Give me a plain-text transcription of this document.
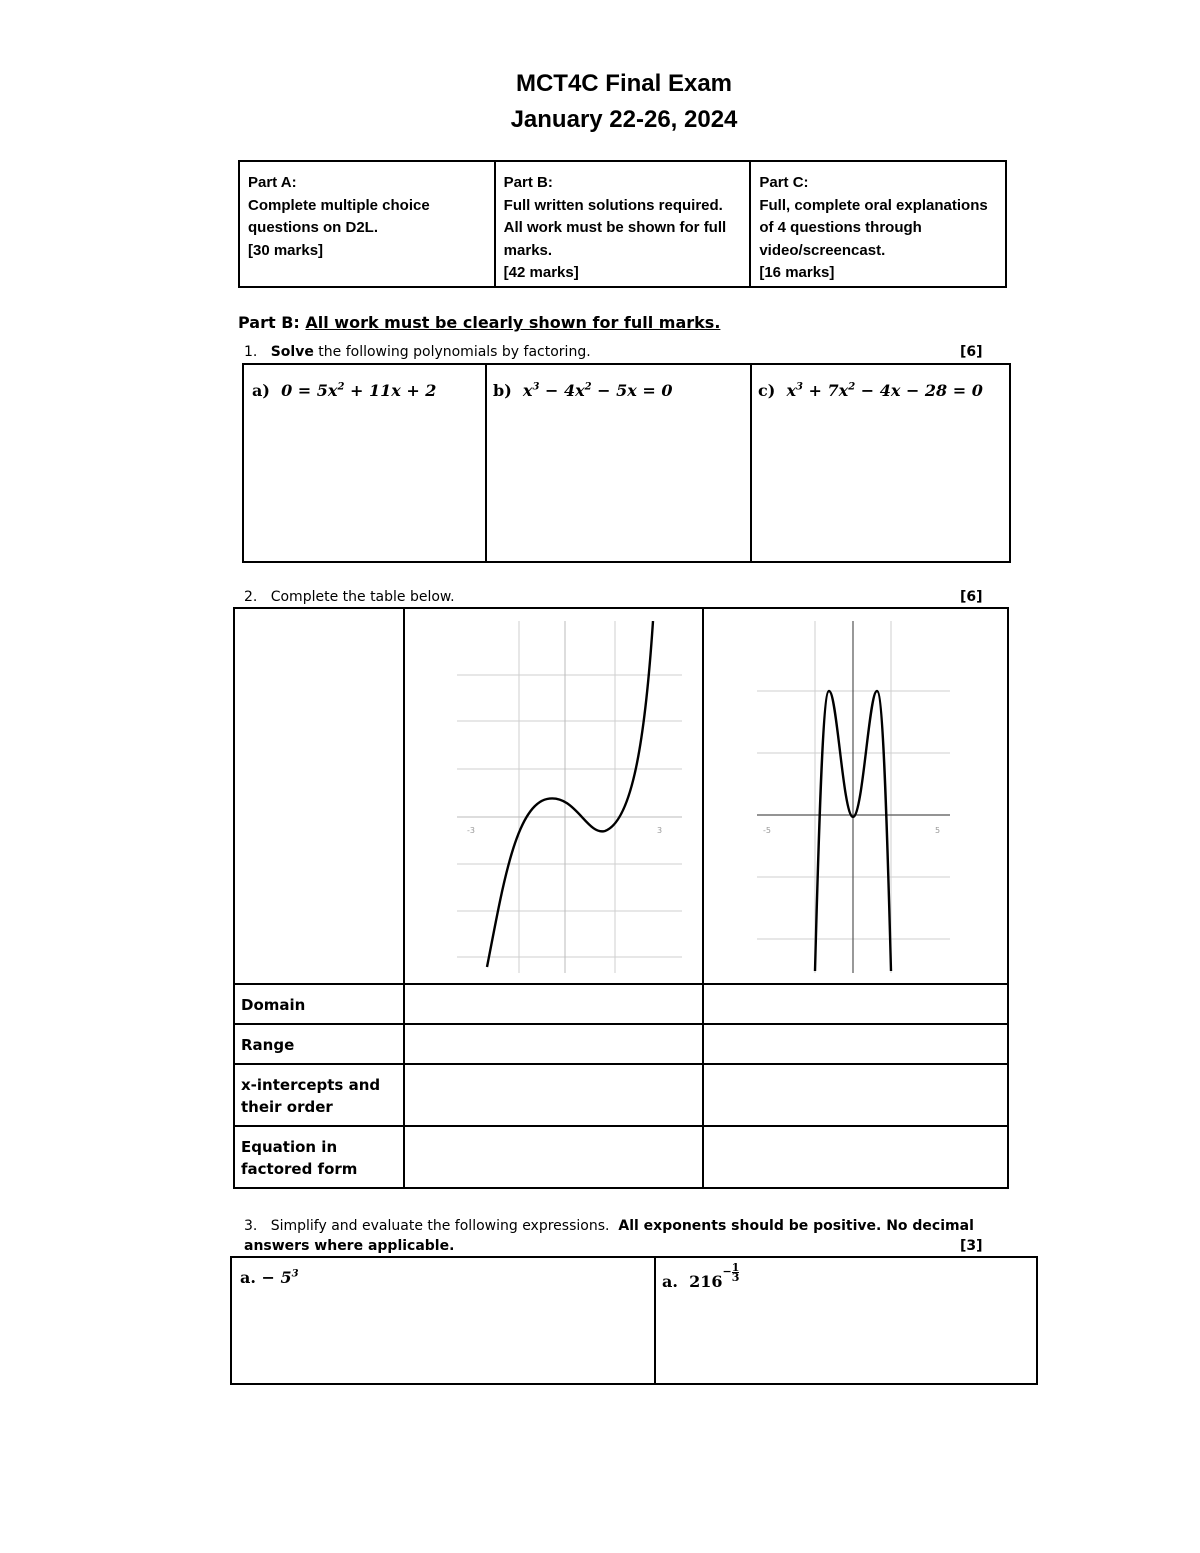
MCT4C Final Exam
January 22-26, 2024
Part A:
Complete multiple choice
questions on D2L.
[30 marks]
Part B:
Full written solutions required.
All work must be shown for full
marks.
[42 marks]
Part C:
Full, complete oral explanations
of 4 questions through
video/screencast.
[16 marks]
Part B: All work must be clearly shown for full marks.
1. Solve the following polynomials by factoring.	[6]
a) $0 = 5x^2 + 11x + 2$	b) $x^3 - 4x^2 - 5x = 0$	c) $x^3 + 7x^2 - 4x - 28 = 0$
2. Complete the table below.	[6]
Domain
Range
x-intercepts and their order
Equation in factored form
-3	3	-5	5
3. Simplify and evaluate the following expressions. All exponents should be positive. No decimal answers where applicable.	[3]
a. − $5^3$	a. $216^{- \frac{1}{3}}$
